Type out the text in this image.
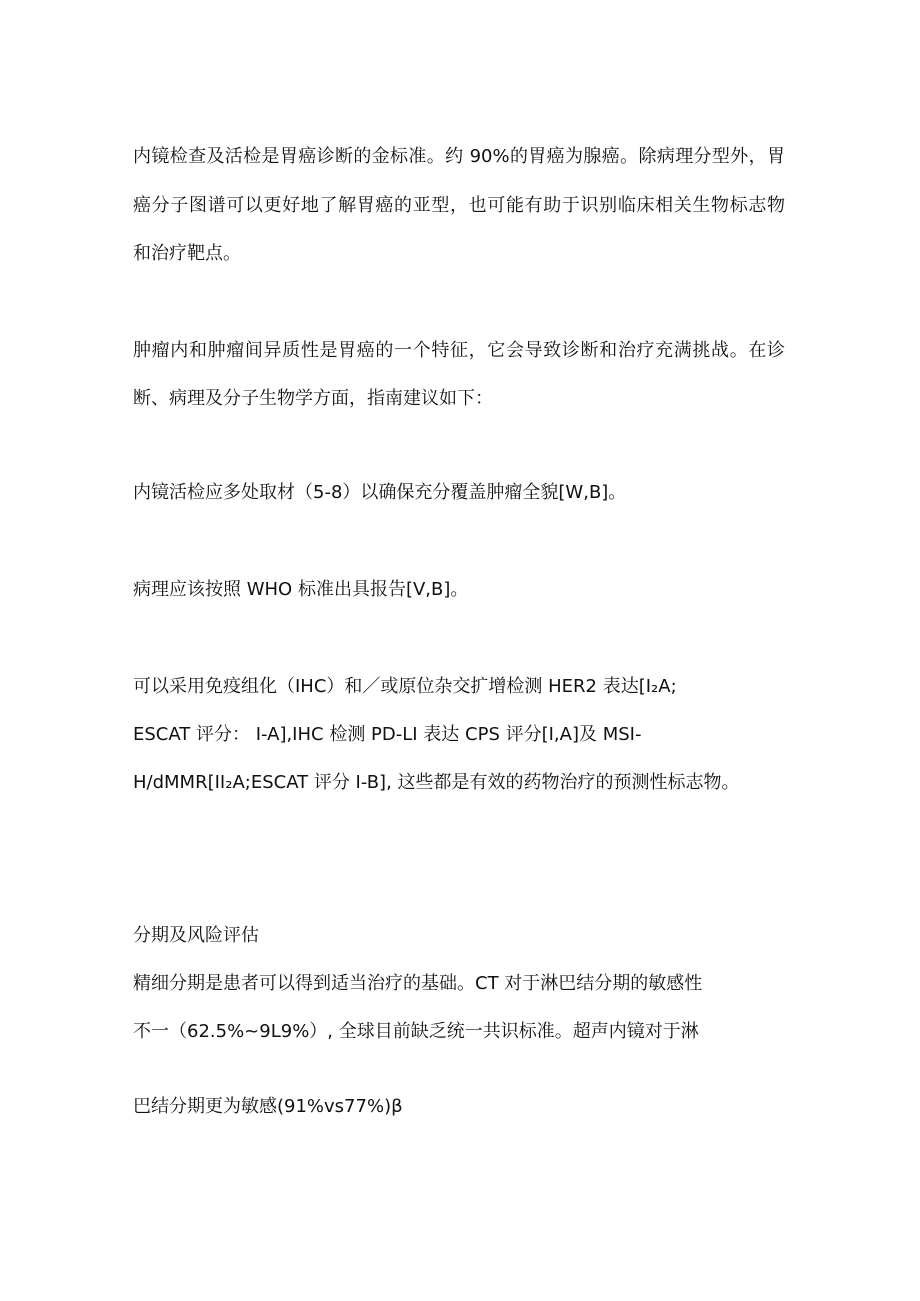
内镜检查及活检是胃癌诊断的金标准。约 90%的胃癌为腺癌。除病理分型外，胃
癌分子图谱可以更好地了解胃癌的亚型，也可能有助于识别临床相关生物标志物
和治疗靶点。
肿瘤内和肿瘤间异质性是胃癌的一个特征，它会导致诊断和治疗充满挑战。在诊
断、病理及分子生物学方面，指南建议如下：
内镜活检应多处取材（5-8）以确保充分覆盖肿瘤全貌[W,B]。
病理应该按照 WHO 标准出具报告[V,B]。
可以采用免疫组化（IHC）和／或原位杂交扩增检测 HER2 表达[I₂A;
ESCAT 评分： I-A],IHC 检测 PD-LI 表达 CPS 评分[I,A]及 MSI-
H/dMMR[II₂A;ESCAT 评分 I-B], 这些都是有效的药物治疗的预测性标志物。
分期及风险评估
精细分期是患者可以得到适当治疗的基础。CT 对于淋巴结分期的敏感性
不一（62.5%~9L9%）, 全球目前缺乏统一共识标准。超声内镜对于淋
巴结分期更为敏感(91%vs77%)β
